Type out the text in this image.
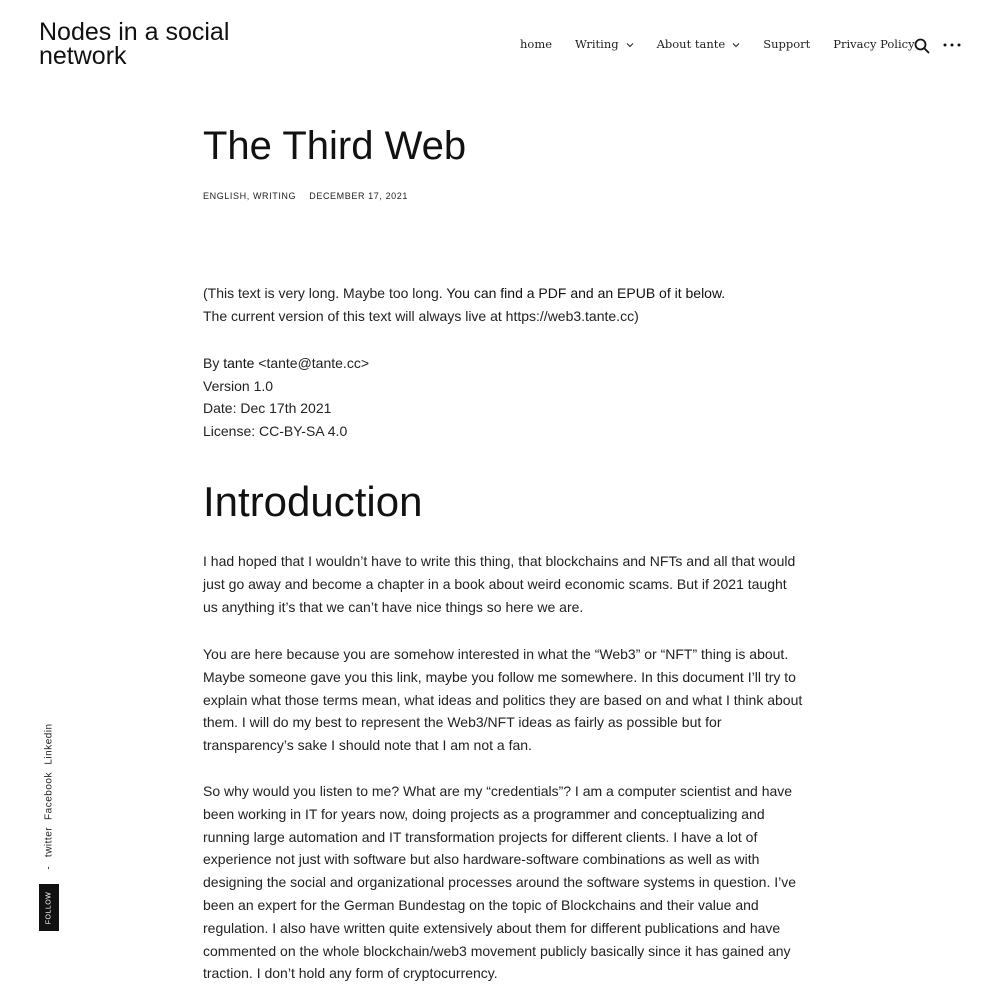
Nodes in a social network	home Writing	About tante	Support Privacy Policy
The Third Web
ENGLISH, WRITING DECEMBER 17, 2021
(This text is very long. Maybe too long. You can find a PDF and an EPUB of it below.
The current version of this text will always live at https://web3.tante.cc)
By tante <tante@tante.cc>
Version 1.0
Date: Dec 17th 2021
License: CC-BY-SA 4.0
Introduction

I had hoped that I wouldn’t have to write this thing, that blockchains and NFTs and all that would just go away and become a chapter in a book about weird economic scams. But if 2021 taught us anything it’s that we can’t have nice things so here we are.

You are here because you are somehow interested in what the “Web3” or “NFT” thing is about. Maybe someone gave you this link, maybe you follow me somewhere. In this document I’ll try to explain what those terms mean, what ideas and politics they are based on and what I think about them. I will do my best to represent the Web3/NFT ideas as fairly as possible but for transparency’s sake I should note that I am not a fan.

So why would you listen to me? What are my “credentials”? I am a computer scientist and have been working in IT for years now, doing projects as a programmer and conceptualizing and running large automation and IT transformation projects for different clients. I have a lot of experience not just with software but also hardware-software combinations as well as with designing the social and organizational processes around the software systems in question. I’ve been an expert for the German Bundestag on the topic of Blockchains and their value and regulation. I also have written quite extensively about them for different publications and have commented on the whole blockchain/web3 movement publicly basically since it has gained any traction. I don’t hold any form of cryptocurrency.

Linkedin
Facebook
twitter
-
FOLLOW
